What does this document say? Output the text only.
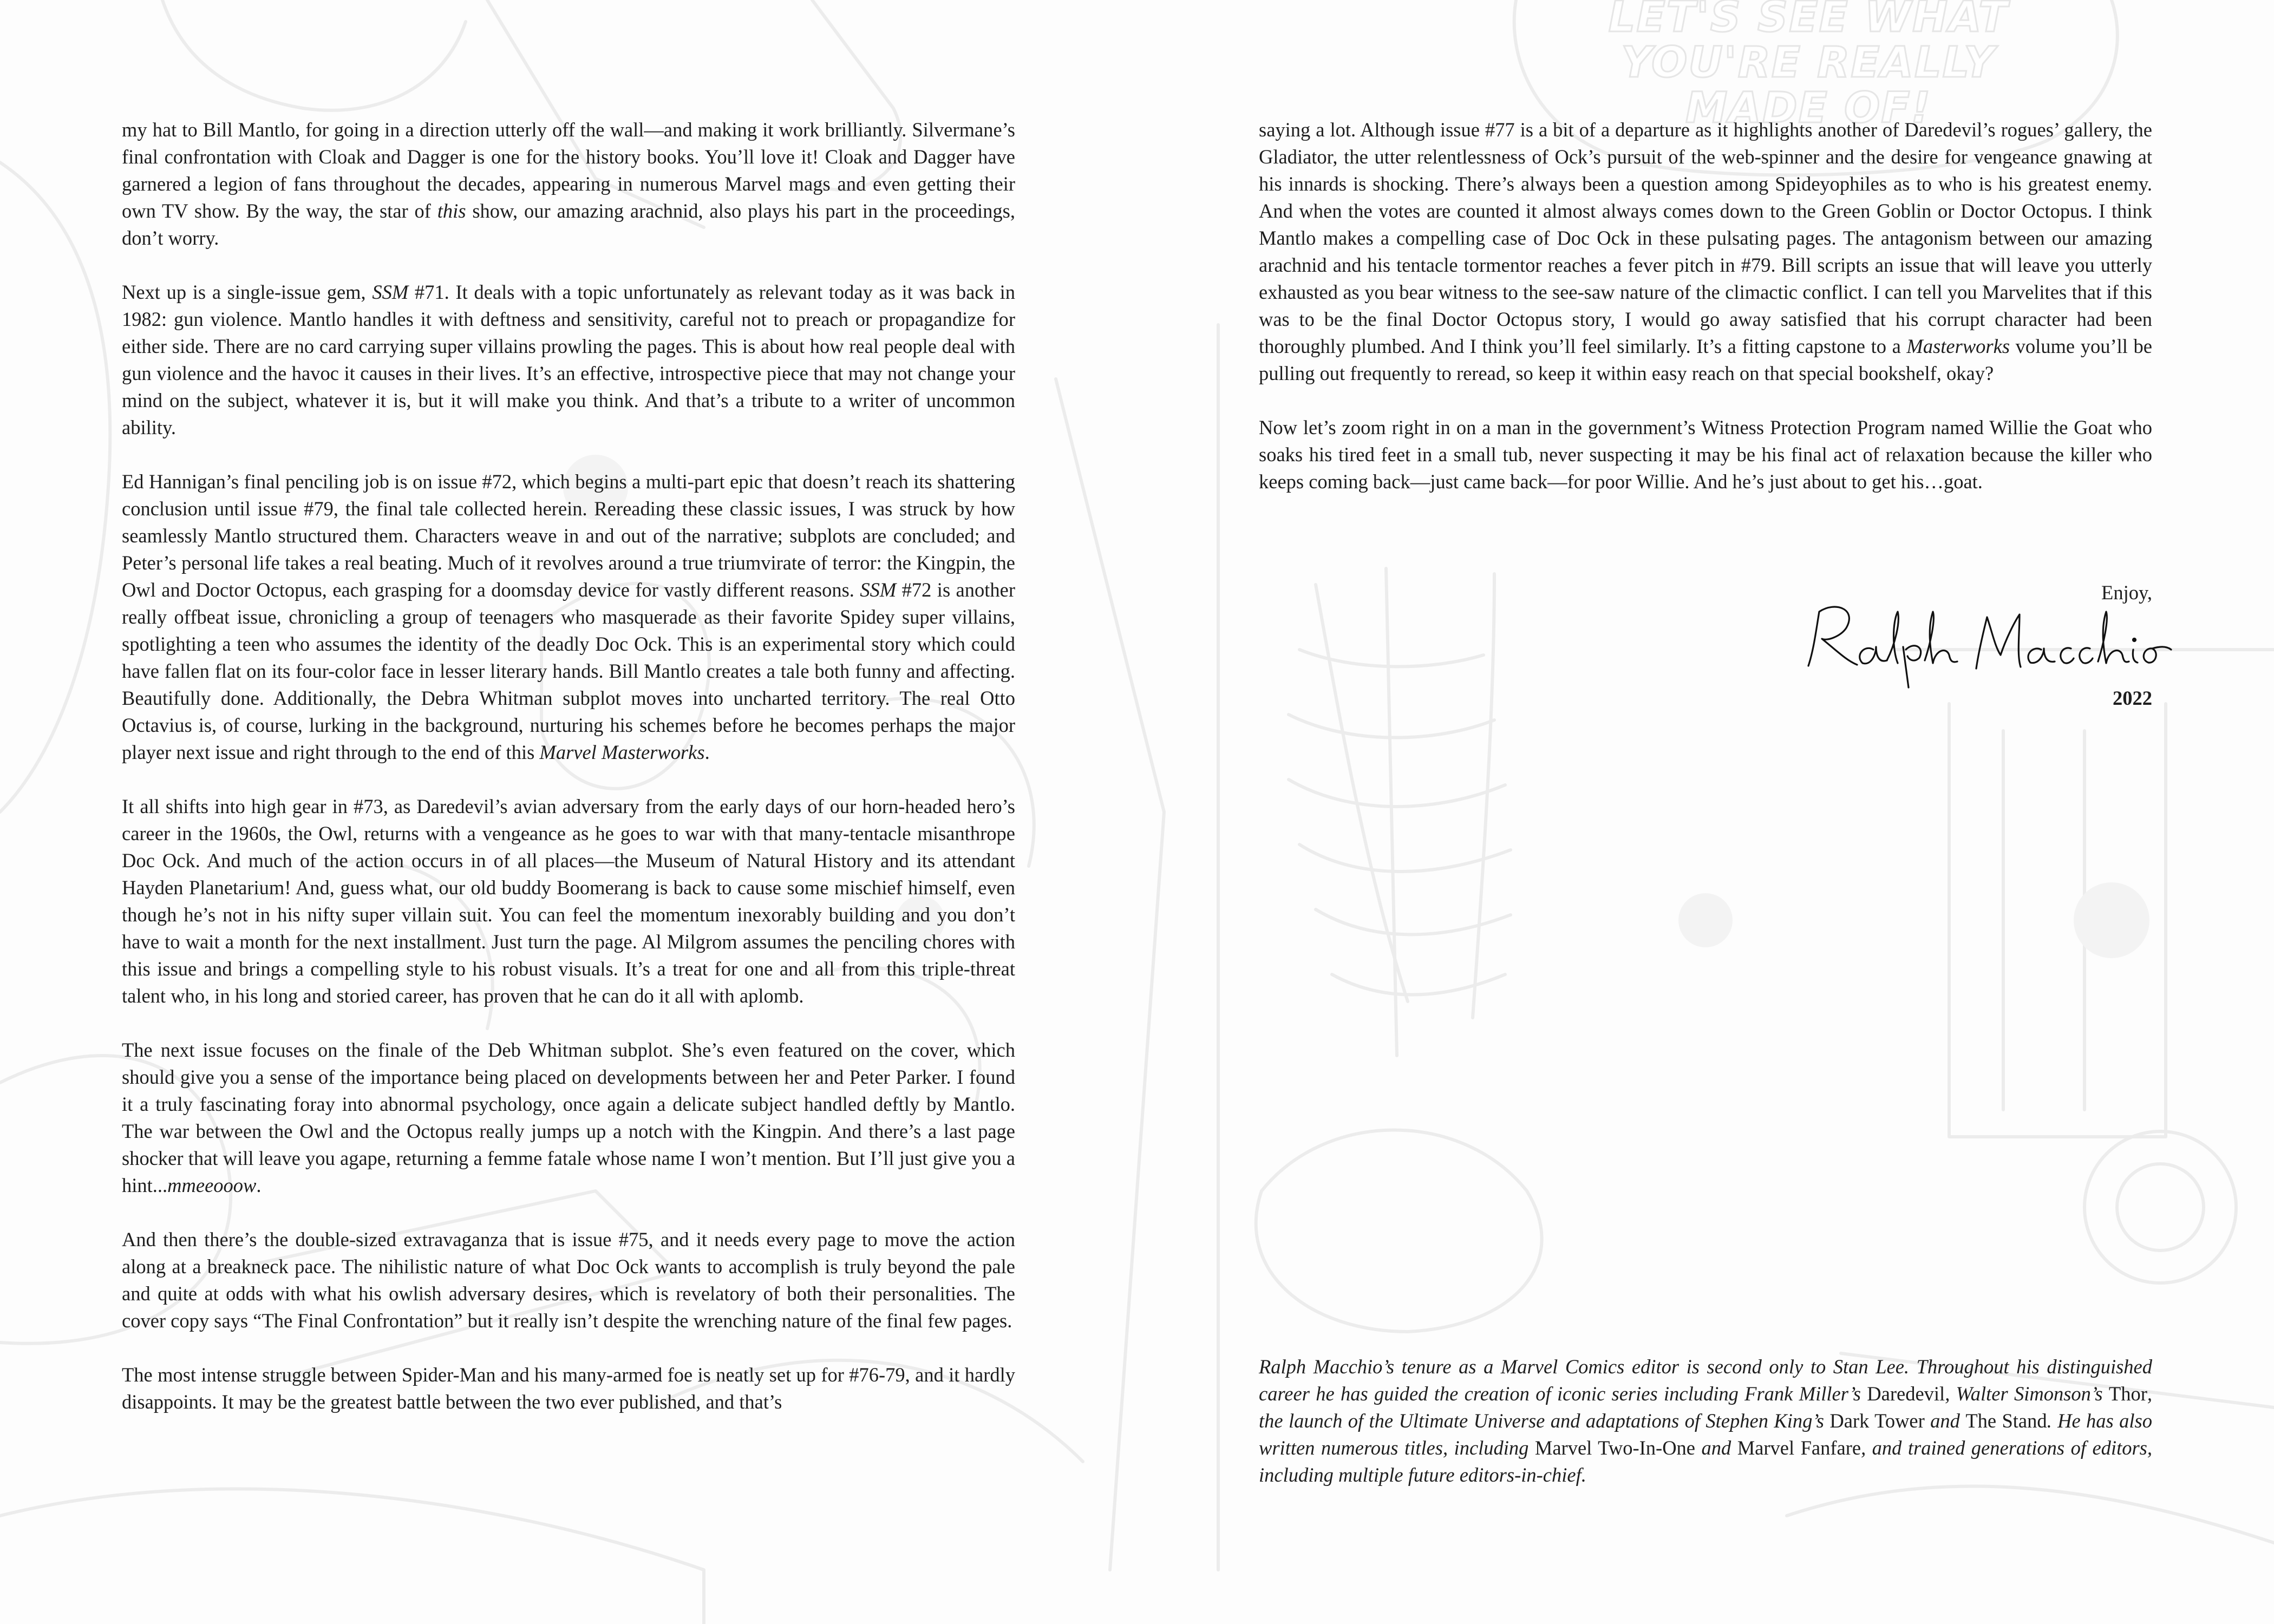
LET'S SEE WHAT
YOU'RE REALLY
MADE OF!

my hat to Bill Mantlo, for going in a direction utterly off the wall—and making it work brilliantly. Silvermane’s final confrontation with Cloak and Dagger is one for the history books. You’ll love it! Cloak and Dagger have garnered a legion of fans throughout the decades, appearing in numerous Marvel mags and even getting their own TV show. By the way, the star of this show, our amazing arachnid, also plays his part in the proceedings, don’t worry.

Next up is a single-issue gem, SSM #71. It deals with a topic unfortunately as relevant today as it was back in 1982: gun violence. Mantlo handles it with deftness and sensitivity, careful not to preach or propagandize for either side. There are no card carrying super villains prowling the pages. This is about how real people deal with gun violence and the havoc it causes in their lives. It’s an effective, introspective piece that may not change your mind on the subject, whatever it is, but it will make you think. And that’s a tribute to a writer of uncommon ability.

Ed Hannigan’s final penciling job is on issue #72, which begins a multi-part epic that doesn’t reach its shattering conclusion until issue #79, the final tale collected herein. Rereading these classic issues, I was struck by how seamlessly Mantlo structured them. Characters weave in and out of the narrative; subplots are concluded; and Peter’s personal life takes a real beating. Much of it revolves around a true triumvirate of terror: the Kingpin, the Owl and Doctor Octopus, each grasping for a doomsday device for vastly different reasons. SSM #72 is another really offbeat issue, chronicling a group of teenagers who masquerade as their favorite Spidey super villains, spotlighting a teen who assumes the identity of the deadly Doc Ock. This is an experimental story which could have fallen flat on its four-color face in lesser literary hands. Bill Mantlo creates a tale both funny and affecting. Beautifully done. Additionally, the Debra Whitman subplot moves into uncharted territory. The real Otto Octavius is, of course, lurking in the background, nurturing his schemes before he becomes perhaps the major player next issue and right through to the end of this Marvel Masterworks.

It all shifts into high gear in #73, as Daredevil’s avian adversary from the early days of our horn-headed hero’s career in the 1960s, the Owl, returns with a vengeance as he goes to war with that many-tentacle misanthrope Doc Ock. And much of the action occurs in of all places—the Museum of Natural History and its attendant Hayden Planetarium! And, guess what, our old buddy Boomerang is back to cause some mischief himself, even though he’s not in his nifty super villain suit. You can feel the momentum inexorably building and you don’t have to wait a month for the next installment. Just turn the page. Al Milgrom assumes the penciling chores with this issue and brings a compelling style to his robust visuals. It’s a treat for one and all from this triple-threat talent who, in his long and storied career, has proven that he can do it all with aplomb.

The next issue focuses on the finale of the Deb Whitman subplot. She’s even featured on the cover, which should give you a sense of the importance being placed on developments between her and Peter Parker. I found it a truly fascinating foray into abnormal psychology, once again a delicate subject handled deftly by Mantlo. The war between the Owl and the Octopus really jumps up a notch with the Kingpin. And there’s a last page shocker that will leave you agape, returning a femme fatale whose name I won’t mention. But I’ll just give you a hint...mmeeooow.

And then there’s the double-sized extravaganza that is issue #75, and it needs every page to move the action along at a breakneck pace. The nihilistic nature of what Doc Ock wants to accomplish is truly beyond the pale and quite at odds with what his owlish adversary desires, which is revelatory of both their personalities. The cover copy says “The Final Confrontation” but it really isn’t despite the wrenching nature of the final few pages.

The most intense struggle between Spider-Man and his many-armed foe is neatly set up for #76-79, and it hardly disappoints. It may be the greatest battle between the two ever published, and that’s

saying a lot. Although issue #77 is a bit of a departure as it highlights another of Daredevil’s rogues’ gallery, the Gladiator, the utter relentlessness of Ock’s pursuit of the web-spinner and the desire for vengeance gnawing at his innards is shocking. There’s always been a question among Spideyophiles as to who is his greatest enemy. And when the votes are counted it almost always comes down to the Green Goblin or Doctor Octopus. I think Mantlo makes a compelling case of Doc Ock in these pulsating pages. The antagonism between our amazing arachnid and his tentacle tormentor reaches a fever pitch in #79. Bill scripts an issue that will leave you utterly exhausted as you bear witness to the see-saw nature of the climactic conflict. I can tell you Marvelites that if this was to be the final Doctor Octopus story, I would go away satisfied that his corrupt character had been thoroughly plumbed. And I think you’ll feel similarly. It’s a fitting capstone to a Masterworks volume you’ll be pulling out frequently to reread, so keep it within easy reach on that special bookshelf, okay?

Now let’s zoom right in on a man in the government’s Witness Protection Program named Willie the Goat who soaks his tired feet in a small tub, never suspecting it may be his final act of relaxation because the killer who keeps coming back—just came back—for poor Willie. And he’s just about to get his…goat.

Enjoy,
2022
Ralph Macchio’s tenure as a Marvel Comics editor is second only to Stan Lee. Throughout his distinguished career he has guided the creation of iconic series including Frank Miller’s Daredevil, Walter Simonson’s Thor, the launch of the Ultimate Universe and adaptations of Stephen King’s Dark Tower and The Stand. He has also written numerous titles, including Marvel Two-In-One and Marvel Fanfare, and trained generations of editors, including multiple future editors-in-chief.
